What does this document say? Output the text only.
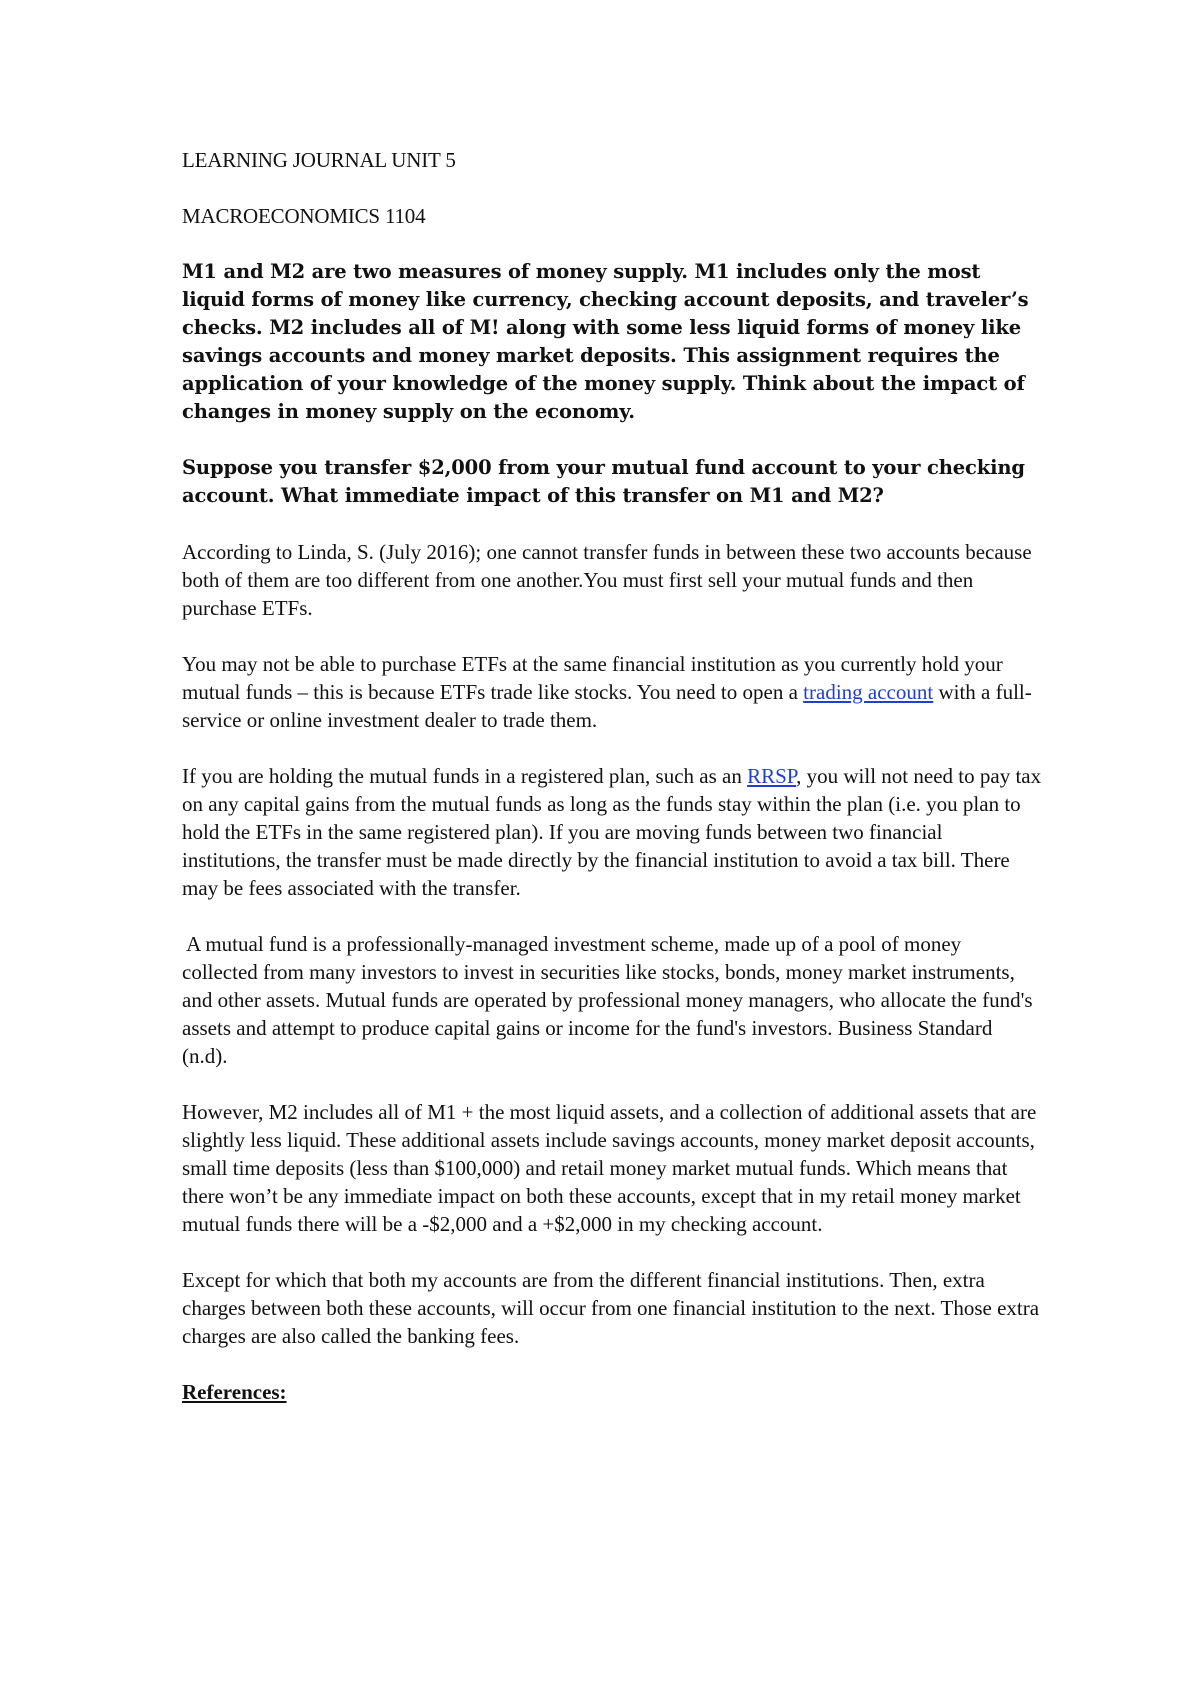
LEARNING JOURNAL UNIT 5

MACROECONOMICS 1104

M1 and M2 are two measures of money supply. M1 includes only the most liquid forms of money like currency, checking account deposits, and traveler’s checks. M2 includes all of M! along with some less liquid forms of money like savings accounts and money market deposits. This assignment requires the application of your knowledge of the money supply. Think about the impact of changes in money supply on the economy.

Suppose you transfer $2,000 from your mutual fund account to your checking account. What immediate impact of this transfer on M1 and M2?

According to Linda, S. (July 2016); one cannot transfer funds in between these two accounts because both of them are too different from one another.You must first sell your mutual funds and then purchase ETFs.

You may not be able to purchase ETFs at the same financial institution as you currently hold your mutual funds – this is because ETFs trade like stocks. You need to open a trading account with a full-service or online investment dealer to trade them.

If you are holding the mutual funds in a registered plan, such as an RRSP, you will not need to pay tax on any capital gains from the mutual funds as long as the funds stay within the plan (i.e. you plan to hold the ETFs in the same registered plan). If you are moving funds between two financial institutions, the transfer must be made directly by the financial institution to avoid a tax bill. There may be fees associated with the transfer.

A mutual fund is a professionally-managed investment scheme, made up of a pool of money collected from many investors to invest in securities like stocks, bonds, money market instruments, and other assets. Mutual funds are operated by professional money managers, who allocate the fund's assets and attempt to produce capital gains or income for the fund's investors. Business Standard (n.d).

However, M2 includes all of M1 + the most liquid assets, and a collection of additional assets that are slightly less liquid. These additional assets include savings accounts, money market deposit accounts, small time deposits (less than $100,000) and retail money market mutual funds. Which means that there won’t be any immediate impact on both these accounts, except that in my retail money market mutual funds there will be a -$2,000 and a +$2,000 in my checking account.

Except for which that both my accounts are from the different financial institutions. Then, extra charges between both these accounts, will occur from one financial institution to the next. Those extra charges are also called the banking fees.

References:
